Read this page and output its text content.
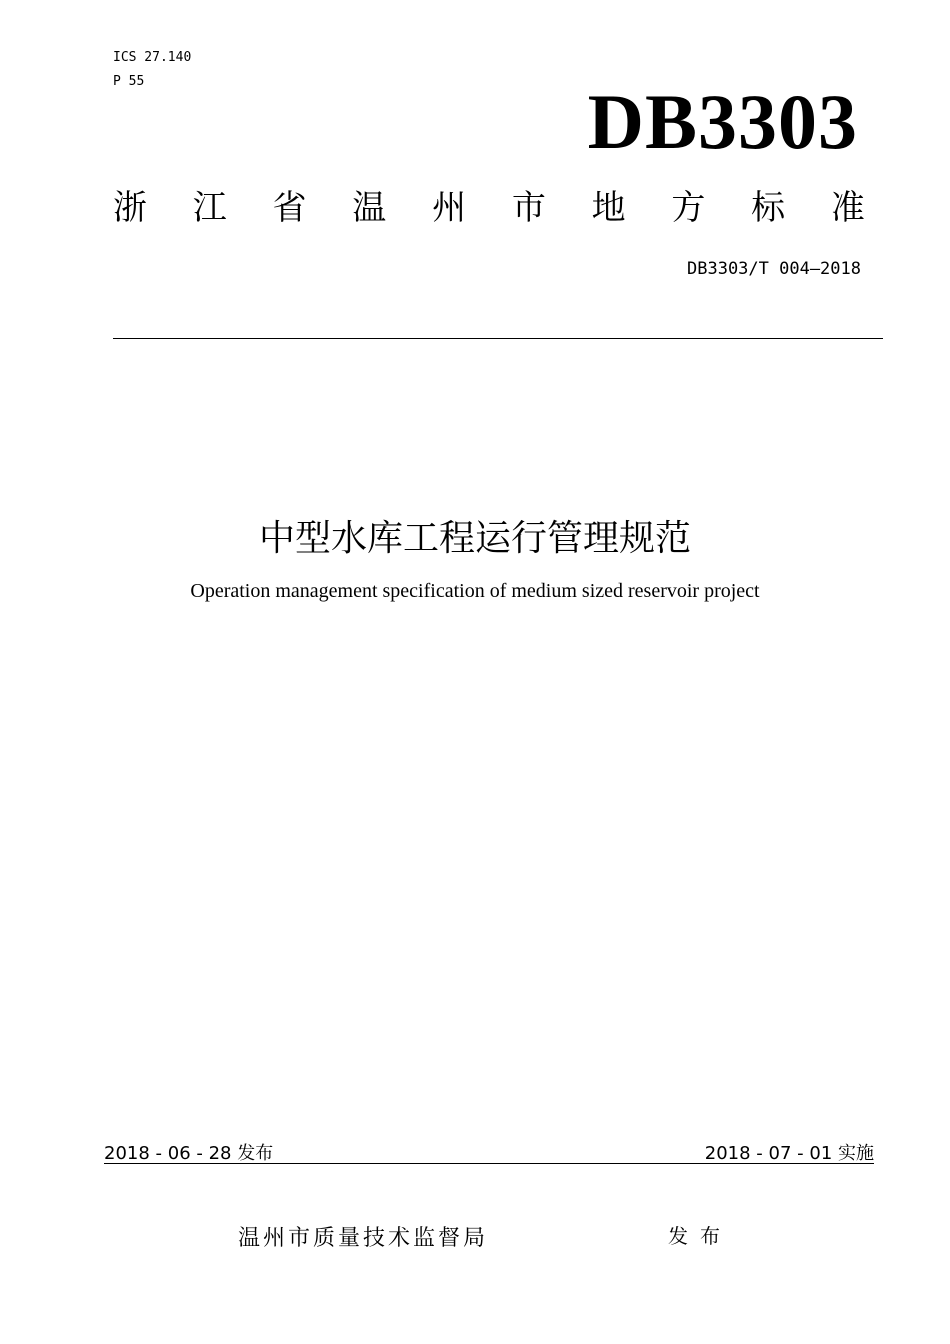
ICS 27.140
P 55	DB3303
浙 江 省 温 州 市 地 方 标 准
DB3303/T 004—2018
中型水库工程运行管理规范
Operation management specification of medium sized reservoir project
2018 - 06 - 28 发布	2018 - 07 - 01 实施
温州市质量技术监督局	发布
